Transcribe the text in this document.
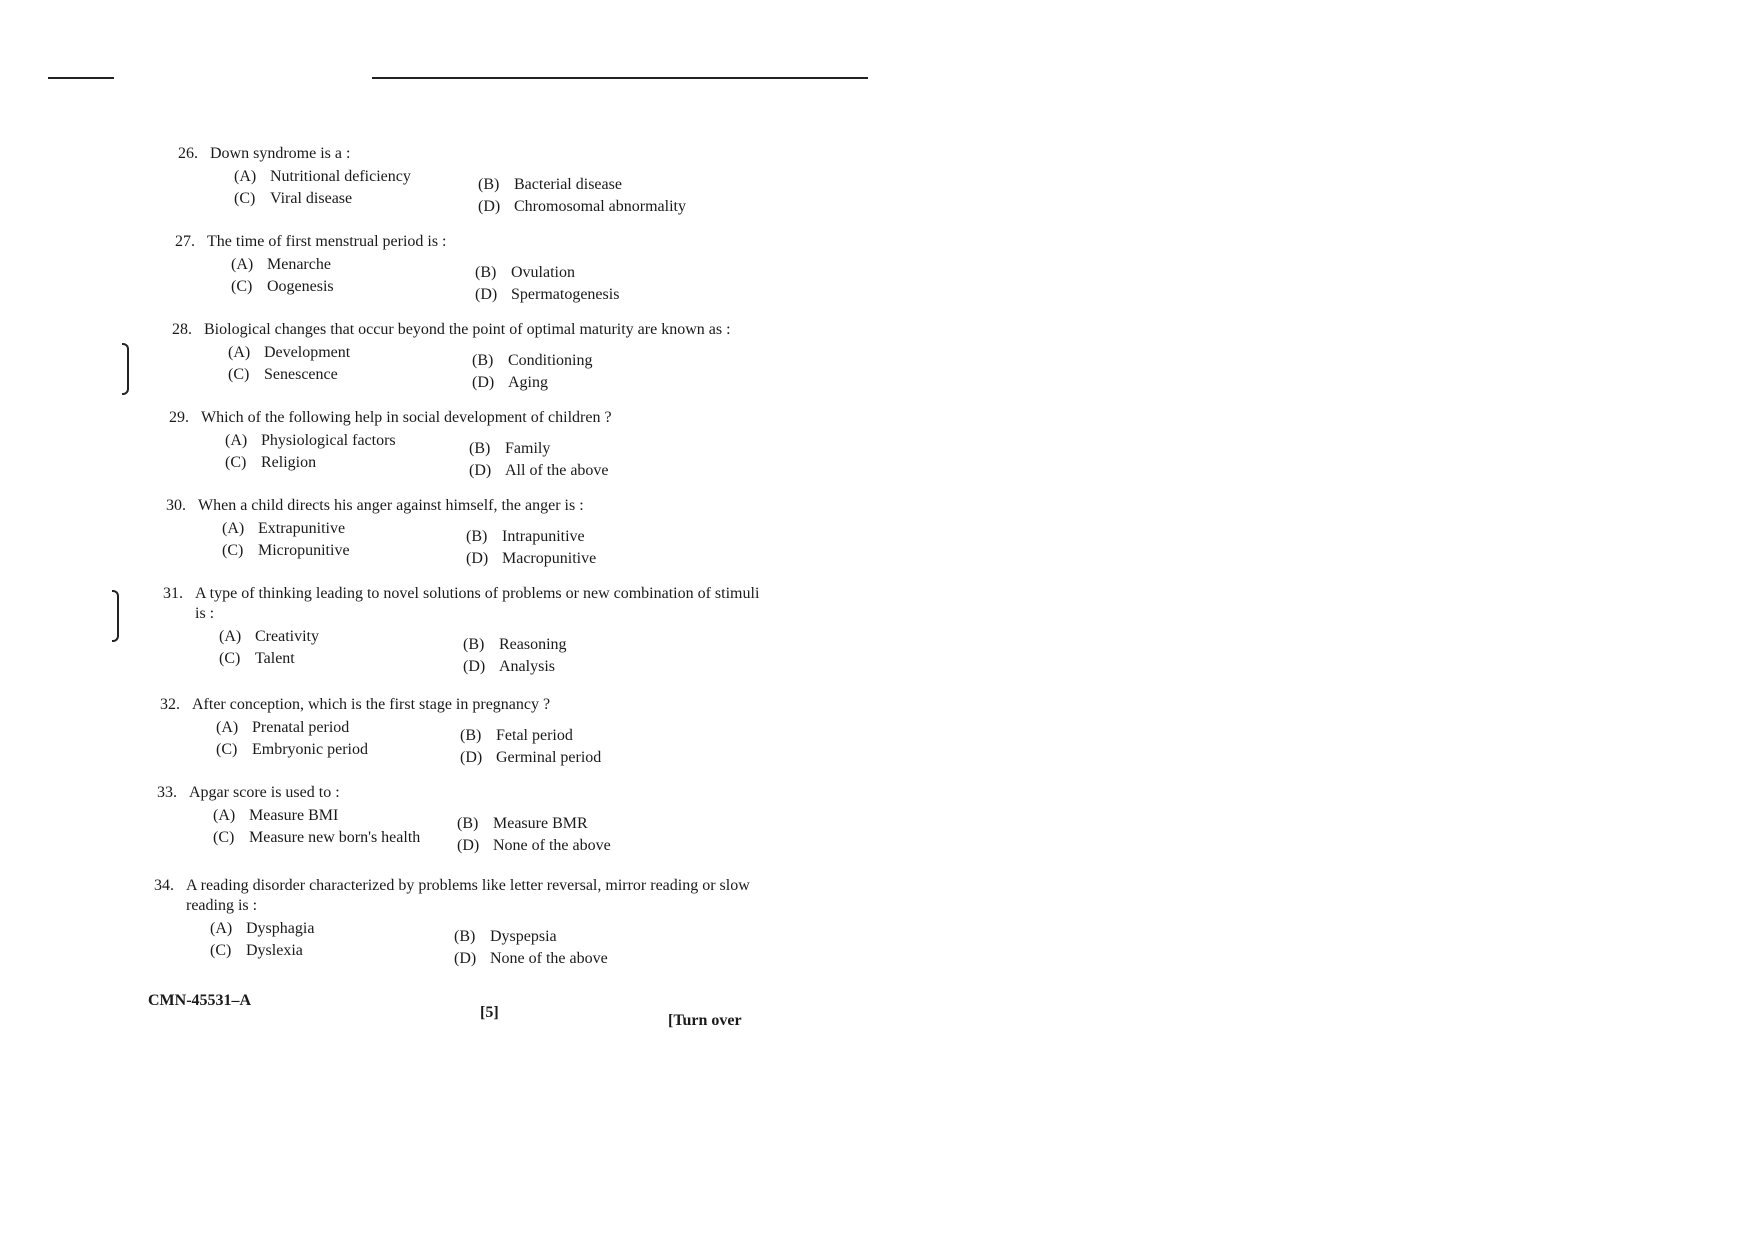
26. Down syndrome is a :
(A) Nutritional deficiency	(B) Bacterial disease
(C) Viral disease	(D) Chromosomal abnormality
27. The time of first menstrual period is :
(A) Menarche	(B) Ovulation
(C) Oogenesis	(D) Spermatogenesis
28. Biological changes that occur beyond the point of optimal maturity are known as :
(A) Development	(B) Conditioning
(C) Senescence	(D) Aging
29. Which of the following help in social development of children ?
(A) Physiological factors	(B) Family
(C) Religion	(D) All of the above
30. When a child directs his anger against himself, the anger is :
(A) Extrapunitive	(B) Intrapunitive
(C) Micropunitive	(D) Macropunitive
31. A type of thinking leading to novel solutions of problems or new combination of stimuli is :
(A) Creativity	(B) Reasoning
(C) Talent	(D) Analysis
32. After conception, which is the first stage in pregnancy ?
(A) Prenatal period	(B) Fetal period
(C) Embryonic period	(D) Germinal period
33. Apgar score is used to :
(A) Measure BMI	(B) Measure BMR
(C) Measure new born's health (D) None of the above
34. A reading disorder characterized by problems like letter reversal, mirror reading or slow reading is :
(A) Dysphagia	(B) Dyspepsia
(C) Dyslexia	(D) None of the above
CMN-45531–A
[5]	[Turn over
